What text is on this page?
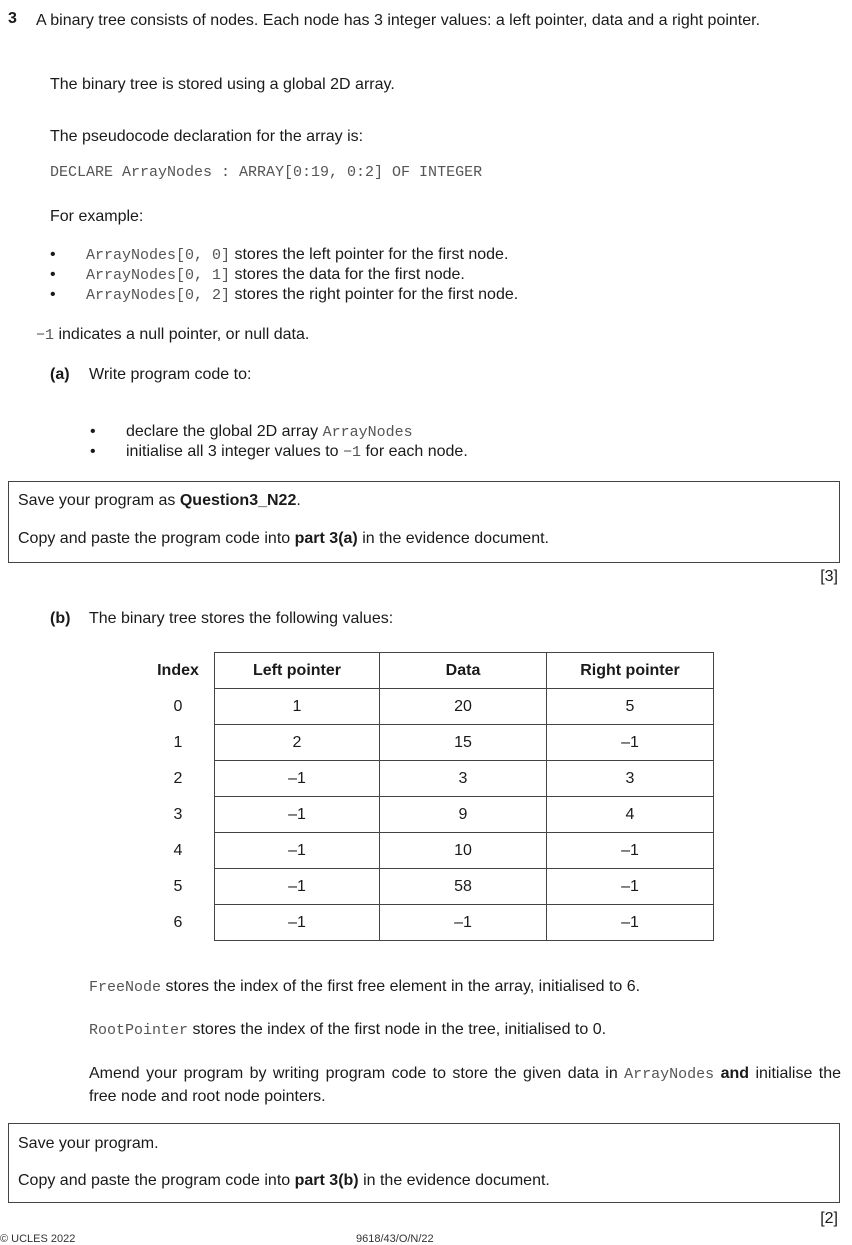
3 A binary tree consists of nodes. Each node has 3 integer values: a left pointer, data and a right pointer.
The binary tree is stored using a global 2D array.
The pseudocode declaration for the array is:
DECLARE ArrayNodes : ARRAY[0:19, 0:2] OF INTEGER
For example:
• ArrayNodes[0, 0] stores the left pointer for the first node.
• ArrayNodes[0, 1] stores the data for the first node.
• ArrayNodes[0, 2] stores the right pointer for the first node.
−1 indicates a null pointer, or null data.
(a) Write program code to:
• declare the global 2D array ArrayNodes
• initialise all 3 integer values to −1 for each node.
Save your program as Question3_N22.
Copy and paste the program code into part 3(a) in the evidence document.
[3]
(b) The binary tree stores the following values:
Index	Left pointer	Data	Right pointer
0	1	20	5
1	2	15	–1
2	–1	3	3
3	–1	9	4
4	–1	10	–1
5	–1	58	–1
6	–1	–1	–1
FreeNode stores the index of the first free element in the array, initialised to 6.
RootPointer stores the index of the first node in the tree, initialised to 0.
Amend your program by writing program code to store the given data in ArrayNodes and initialise the free node and root node pointers.
Save your program.
Copy and paste the program code into part 3(b) in the evidence document.
[2]
© UCLES 2022	9618/43/O/N/22
